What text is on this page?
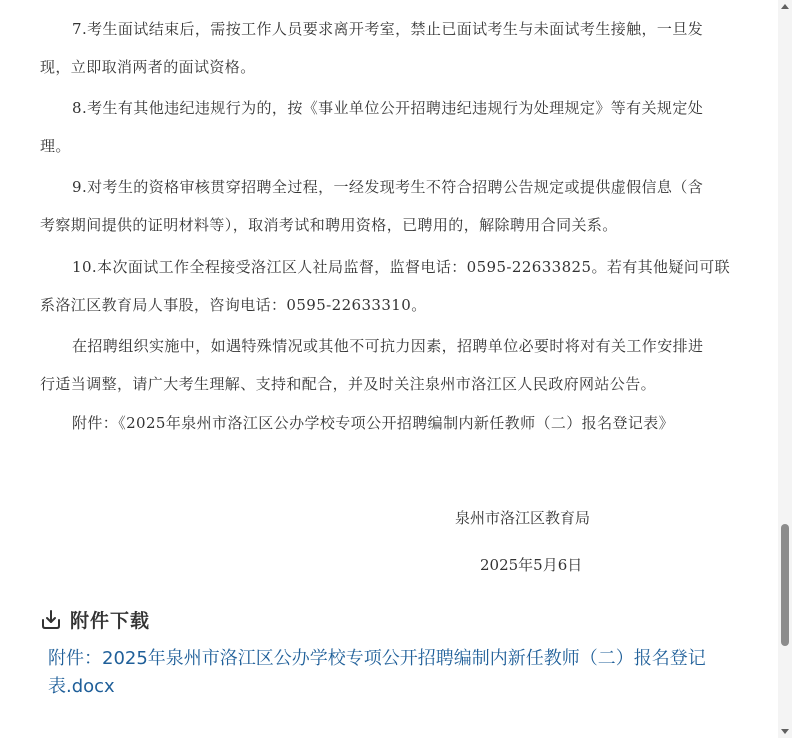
7.考生面试结束后，需按工作人员要求离开考室，禁止已面试考生与未面试考生接触，一旦发
现，立即取消两者的面试资格。

8.考生有其他违纪违规行为的，按《事业单位公开招聘违纪违规行为处理规定》等有关规定处
理。

9.对考生的资格审核贯穿招聘全过程，一经发现考生不符合招聘公告规定或提供虚假信息（含
考察期间提供的证明材料等），取消考试和聘用资格，已聘用的，解除聘用合同关系。

10.本次面试工作全程接受洛江区人社局监督，监督电话：0595-22633825。若有其他疑问可联
系洛江区教育局人事股，咨询电话：0595-22633310。

在招聘组织实施中，如遇特殊情况或其他不可抗力因素，招聘单位必要时将对有关工作安排进
行适当调整，请广大考生理解、支持和配合，并及时关注泉州市洛江区人民政府网站公告。

附件：《2025年泉州市洛江区公办学校专项公开招聘编制内新任教师（二）报名登记表》

泉州市洛江区教育局
2025年5月6日
附件下载
附件：2025年泉州市洛江区公办学校专项公开招聘编制内新任教师（二）报名登记表.docx
